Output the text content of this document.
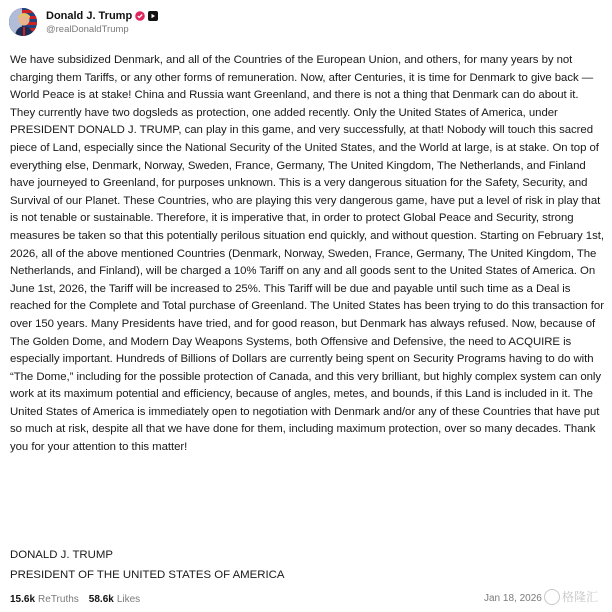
Donald J. Trump
@realDonaldTrump
We have subsidized Denmark, and all of the Countries of the European Union, and others, for many years by not charging them Tariffs, or any other forms of remuneration. Now, after Centuries, it is time for Denmark to give back — World Peace is at stake! China and Russia want Greenland, and there is not a thing that Denmark can do about it. They currently have two dogsleds as protection, one added recently. Only the United States of America, under PRESIDENT DONALD J. TRUMP, can play in this game, and very successfully, at that! Nobody will touch this sacred piece of Land, especially since the National Security of the United States, and the World at large, is at stake. On top of everything else, Denmark, Norway, Sweden, France, Germany, The United Kingdom, The Netherlands, and Finland have journeyed to Greenland, for purposes unknown. This is a very dangerous situation for the Safety, Security, and Survival of our Planet. These Countries, who are playing this very dangerous game, have put a level of risk in play that is not tenable or sustainable. Therefore, it is imperative that, in order to protect Global Peace and Security, strong measures be taken so that this potentially perilous situation end quickly, and without question. Starting on February 1st, 2026, all of the above mentioned Countries (Denmark, Norway, Sweden, France, Germany, The United Kingdom, The Netherlands, and Finland), will be charged a 10% Tariff on any and all goods sent to the United States of America. On June 1st, 2026, the Tariff will be increased to 25%. This Tariff will be due and payable until such time as a Deal is reached for the Complete and Total purchase of Greenland. The United States has been trying to do this transaction for over 150 years. Many Presidents have tried, and for good reason, but Denmark has always refused. Now, because of The Golden Dome, and Modern Day Weapons Systems, both Offensive and Defensive, the need to ACQUIRE is especially important. Hundreds of Billions of Dollars are currently being spent on Security Programs having to do with “The Dome,” including for the possible protection of Canada, and this very brilliant, but highly complex system can only work at its maximum potential and efficiency, because of angles, metes, and bounds, if this Land is included in it. The United States of America is immediately open to negotiation with Denmark and/or any of these Countries that have put so much at risk, despite all that we have done for them, including maximum protection, over so many decades. Thank you for your attention to this matter!
DONALD J. TRUMP
PRESIDENT OF THE UNITED STATES OF AMERICA
15.6k ReTruths 58.6k Likes	Jan 18, 2026 格隆汇
